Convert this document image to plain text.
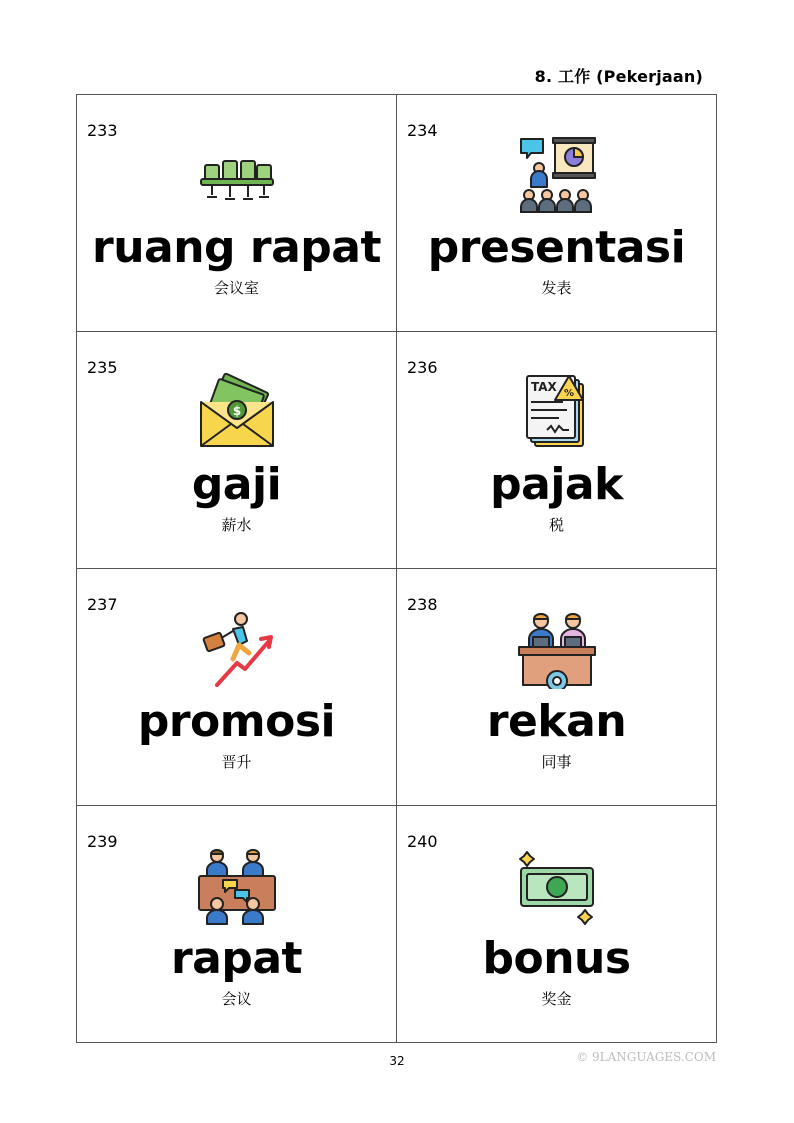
8. 工作 (Pekerjaan)
233
ruang rapat
会议室
234
presentasi
发表
235
$
gaji
薪水
236
TAX %
pajak
税
237
promosi
晋升
238
rekan
同事
239
rapat
会议
240
bonus
奖金
32	© 9LANGUAGES.COM
